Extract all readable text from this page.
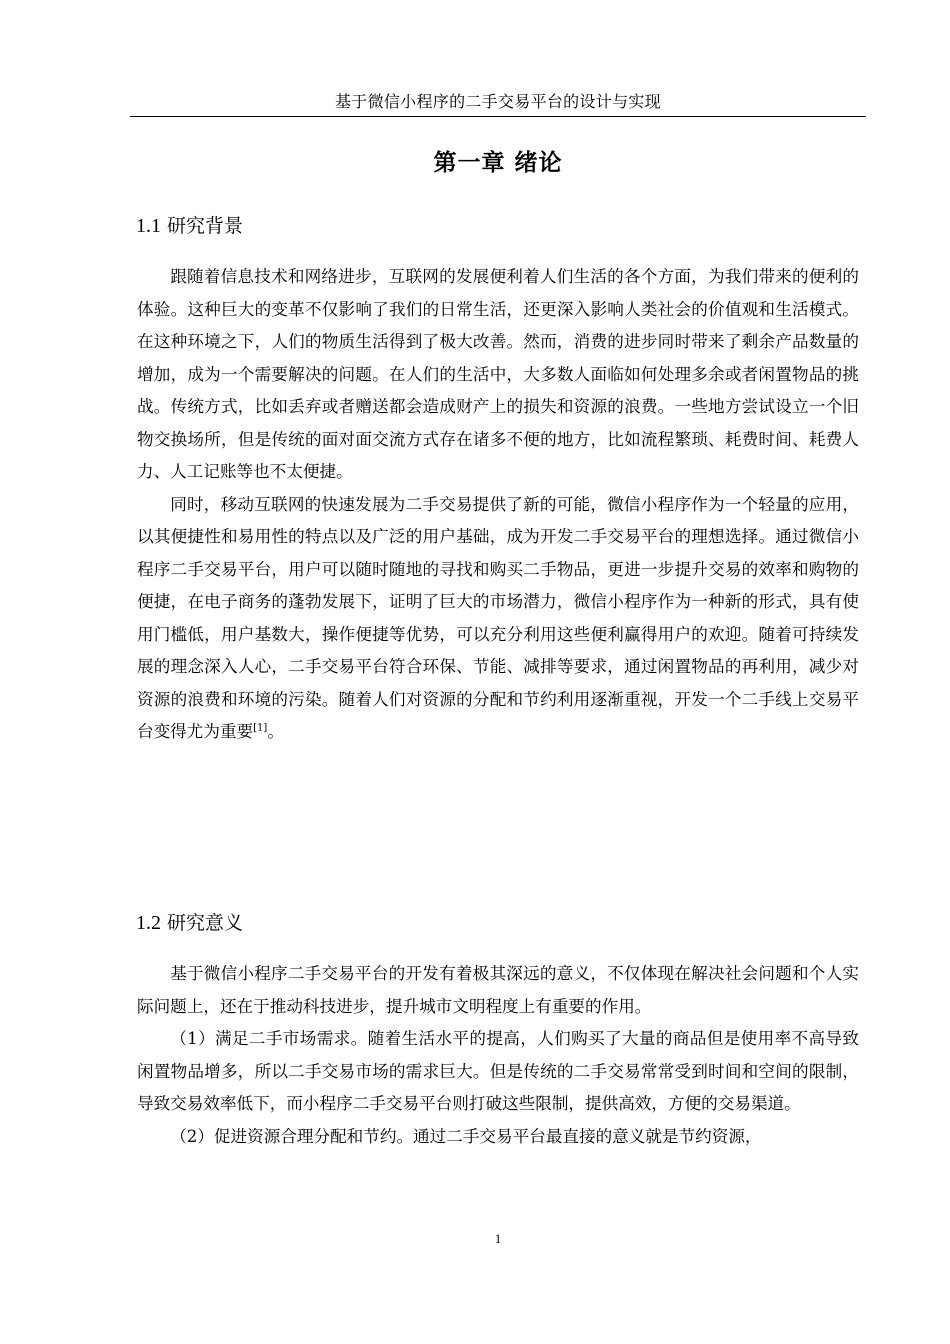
基于微信小程序的二手交易平台的设计与实现
第一章 绪论
1.1 研究背景

跟随着信息技术和网络进步，互联网的发展便利着人们生活的各个方面，为我们带来的便利的体验。这种巨大的变革不仅影响了我们的日常生活，还更深入影响人类社会的价值观和生活模式。在这种环境之下，人们的物质生活得到了极大改善。然而，消费的进步同时带来了剩余产品数量的增加，成为一个需要解决的问题。在人们的生活中，大多数人面临如何处理多余或者闲置物品的挑战。传统方式，比如丢弃或者赠送都会造成财产上的损失和资源的浪费。一些地方尝试设立一个旧物交换场所，但是传统的面对面交流方式存在诸多不便的地方，比如流程繁琐、耗费时间、耗费人力、人工记账等也不太便捷。

同时，移动互联网的快速发展为二手交易提供了新的可能，微信小程序作为一个轻量的应用，以其便捷性和易用性的特点以及广泛的用户基础，成为开发二手交易平台的理想选择。通过微信小程序二手交易平台，用户可以随时随地的寻找和购买二手物品，更进一步提升交易的效率和购物的便捷，在电子商务的蓬勃发展下，证明了巨大的市场潜力，微信小程序作为一种新的形式，具有使用门槛低，用户基数大，操作便捷等优势，可以充分利用这些便利赢得用户的欢迎。随着可持续发展的理念深入人心，二手交易平台符合环保、节能、减排等要求，通过闲置物品的再利用，减少对资源的浪费和环境的污染。随着人们对资源的分配和节约利用逐渐重视，开发一个二手线上交易平台变得尤为重要[1]。

1.2 研究意义

基于微信小程序二手交易平台的开发有着极其深远的意义，不仅体现在解决社会问题和个人实际问题上，还在于推动科技进步，提升城市文明程度上有重要的作用。

（1）满足二手市场需求。随着生活水平的提高，人们购买了大量的商品但是使用率不高导致闲置物品增多，所以二手交易市场的需求巨大。但是传统的二手交易常常受到时间和空间的限制，导致交易效率低下，而小程序二手交易平台则打破这些限制，提供高效，方便的交易渠道。

（2）促进资源合理分配和节约。通过二手交易平台最直接的意义就是节约资源，

1
